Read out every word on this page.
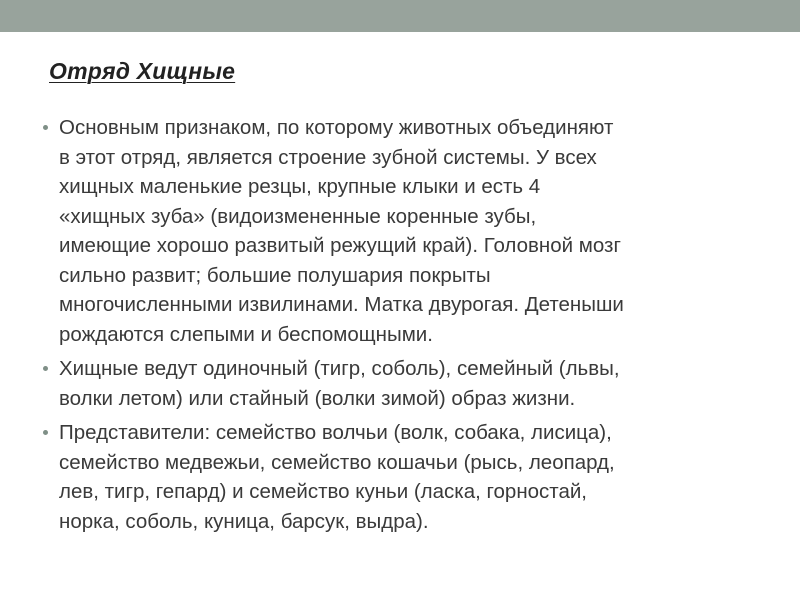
Отряд Хищные
Основным признаком, по которому животных объединяют
в этот отряд, является строение зубной системы. У всех
хищных маленькие резцы, крупные клыки и есть 4
«хищных зуба» (видоизмененные коренные зубы,
имеющие хорошо развитый режущий край). Головной мозг
сильно развит; большие полушария покрыты
многочисленными извилинами. Матка двурогая. Детеныши
рождаются слепыми и беспомощными.
Хищные ведут одиночный (тигр, соболь), семейный (львы,
волки летом) или стайный (волки зимой) образ жизни.
Представители: семейство волчьи (волк, собака, лисица),
семейство медвежьи, семейство кошачьи (рысь, леопард,
лев, тигр, гепард) и семейство куньи (ласка, горностай,
норка, соболь, куница, барсук, выдра).
